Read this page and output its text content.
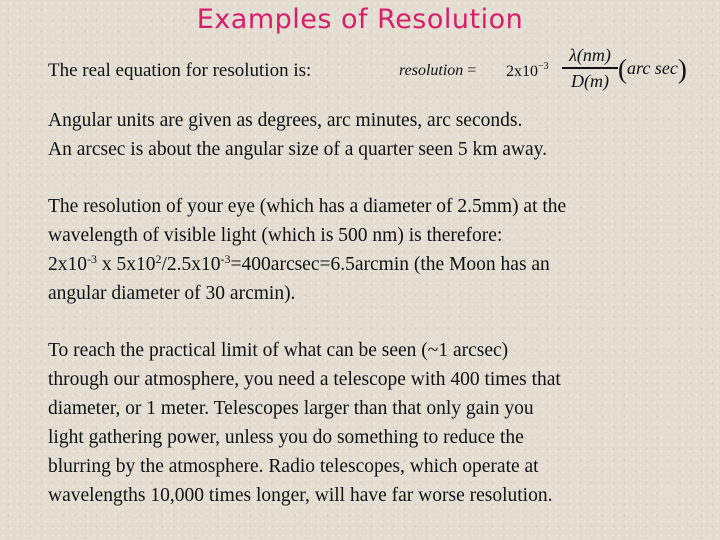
Examples of Resolution
The real equation for resolution is:	resolution = $2x10^{-3}$
λ(nm)
D(m) (arc sec)

Angular units are given as degrees, arc minutes, arc seconds.
An arcsec is about the angular size of a quarter seen 5 km away.

The resolution of your eye (which has a diameter of 2.5mm) at the
wavelength of visible light (which is 500 nm) is therefore:
$2x10^{-3}$ x $5x10^2/2.5x10^{-3}=400arcsec=6.5arcmin$ (the Moon has an
angular diameter of 30 arcmin).

To reach the practical limit of what can be seen (~1 arcsec)
through our atmosphere, you need a telescope with 400 times that
diameter, or 1 meter. Telescopes larger than that only gain you
light gathering power, unless you do something to reduce the
blurring by the atmosphere. Radio telescopes, which operate at
wavelengths 10,000 times longer, will have far worse resolution.
